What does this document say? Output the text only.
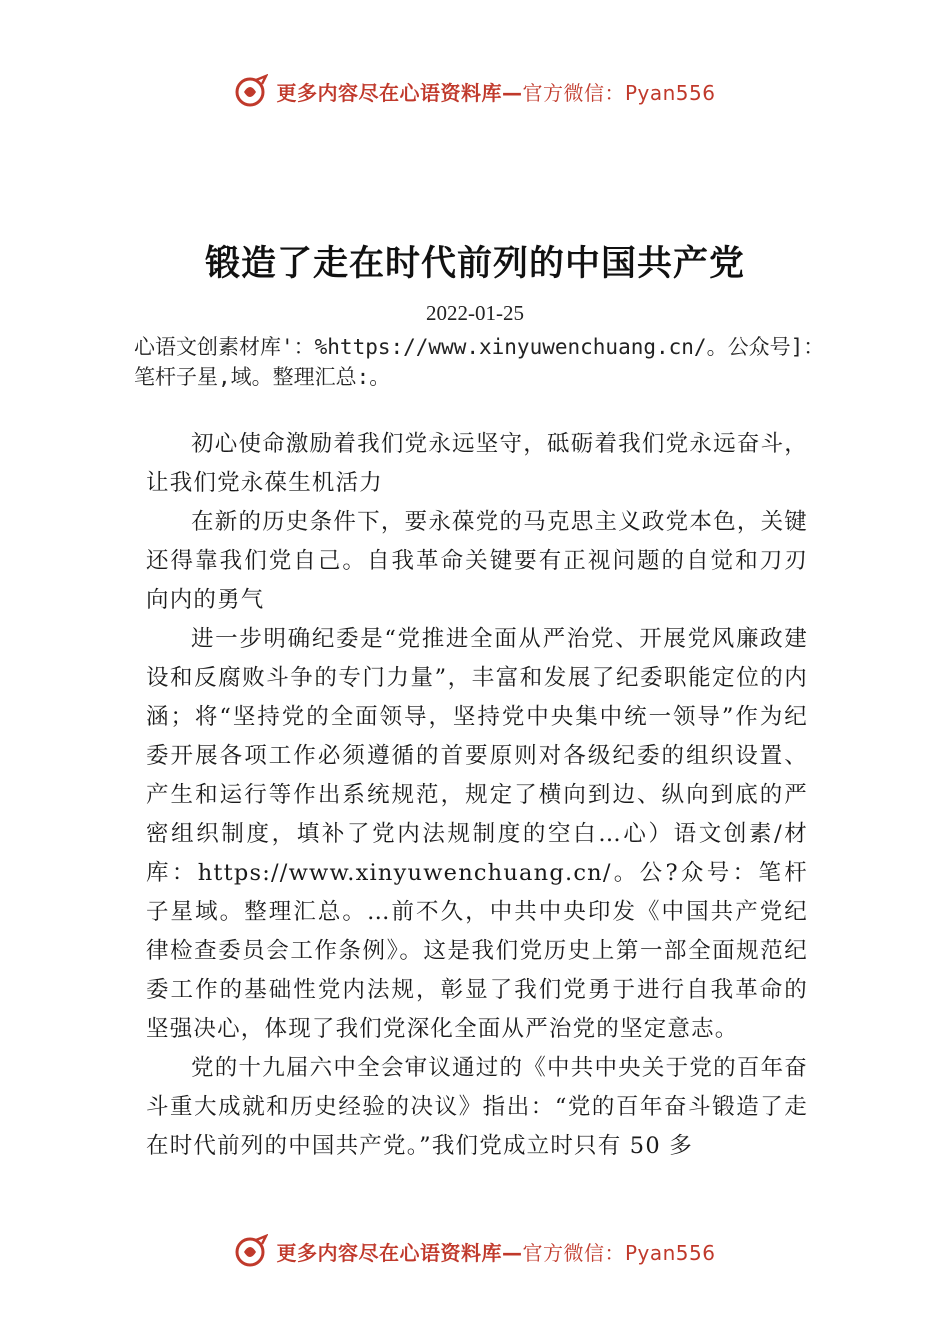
更多内容尽在心语资料库—官方微信：Pyan556
锻造了走在时代前列的中国共产党
2022-01-25
心语文创素材库'：%https://www.xinyuwenchuang.cn/。公众号]：笔杆子星,域。整理汇总:。

初心使命激励着我们党永远坚守，砥砺着我们党永远奋斗，让我们党永葆生机活力

在新的历史条件下，要永葆党的马克思主义政党本色，关键还得靠我们党自己。自我革命关键要有正视问题的自觉和刀刃向内的勇气

进一步明确纪委是“党推进全面从严治党、开展党风廉政建设和反腐败斗争的专门力量”，丰富和发展了纪委职能定位的内涵；将“坚持党的全面领导，坚持党中央集中统一领导”作为纪委开展各项工作必须遵循的首要原则对各级纪委的组织设置、产生和运行等作出系统规范，规定了横向到边、纵向到底的严密组织制度，填补了党内法规制度的空白…心）语文创素/材库：https://www.xinyuwenchuang.cn/。公?众号：笔杆子星域。整理汇总。…前不久，中共中央印发《中国共产党纪律检查委员会工作条例》。这是我们党历史上第一部全面规范纪委工作的基础性党内法规，彰显了我们党勇于进行自我革命的坚强决心，体现了我们党深化全面从严治党的坚定意志。

党的十九届六中全会审议通过的《中共中央关于党的百年奋斗重大成就和历史经验的决议》指出：“党的百年奋斗锻造了走在时代前列的中国共产党。”我们党成立时只有 50 多

更多内容尽在心语资料库—官方微信：Pyan556
